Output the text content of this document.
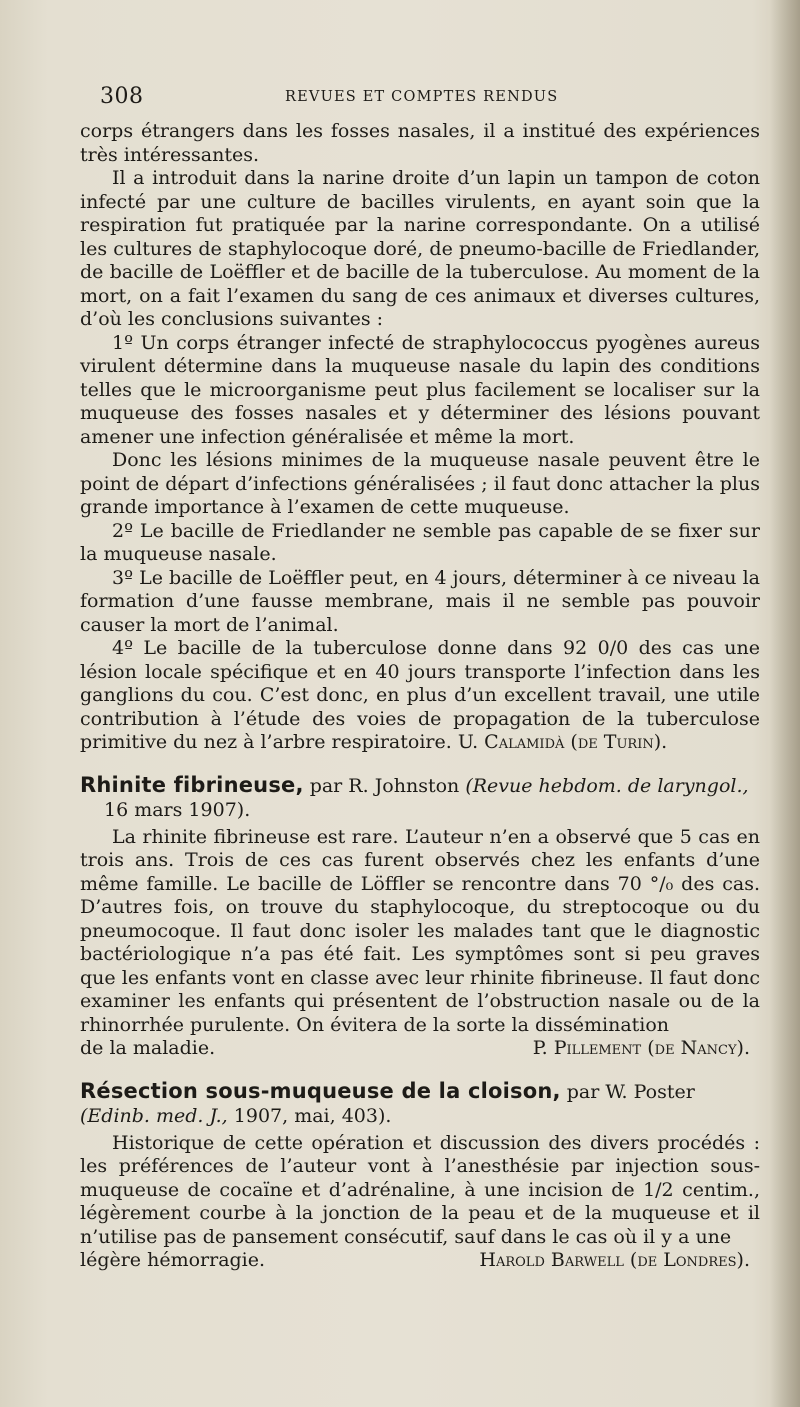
308	REVUES ET COMPTES RENDUS

corps étrangers dans les fosses nasales, il a institué des expériences très intéressantes.

Il a introduit dans la narine droite d’un lapin un tampon de coton infecté par une culture de bacilles virulents, en ayant soin que la respiration fut pratiquée par la narine correspondante. On a utilisé les cultures de staphylocoque doré, de pneumo-bacille de Friedlander, de bacille de Loëffler et de bacille de la tuberculose. Au moment de la mort, on a fait l’examen du sang de ces animaux et diverses cultures, d’où les conclusions suivantes :

1º Un corps étranger infecté de straphylococcus pyogènes aureus virulent détermine dans la muqueuse nasale du lapin des conditions telles que le microorganisme peut plus facilement se localiser sur la muqueuse des fosses nasales et y déterminer des lésions pouvant amener une infection généralisée et même la mort.

Donc les lésions minimes de la muqueuse nasale peuvent être le point de départ d’infections généralisées ; il faut donc attacher la plus grande importance à l’examen de cette muqueuse.

2º Le bacille de Friedlander ne semble pas capable de se fixer sur la muqueuse nasale.

3º Le bacille de Loëffler peut, en 4 jours, déterminer à ce niveau la formation d’une fausse membrane, mais il ne semble pas pouvoir causer la mort de l’animal.

4º Le bacille de la tuberculose donne dans 92 0/0 des cas une lésion locale spécifique et en 40 jours transporte l’infection dans les ganglions du cou. C’est donc, en plus d’un excellent travail, une utile contribution à l’étude des voies de propagation de la tuberculose primitive du nez à l’arbre respiratoire. U. Calamidà (de Turin).

Rhinite fibrineuse, par R. Johnston (Revue hebdom. de laryngol.,
16 mars 1907).

La rhinite fibrineuse est rare. L’auteur n’en a observé que 5 cas en trois ans. Trois de ces cas furent observés chez les enfants d’une même famille. Le bacille de Löffler se rencontre dans 70 °/₀ des cas. D’autres fois, on trouve du staphylocoque, du streptocoque ou du pneumocoque. Il faut donc isoler les malades tant que le diagnostic bactériologique n’a pas été fait. Les symptômes sont si peu graves que les enfants vont en classe avec leur rhinite fibrineuse. Il faut donc examiner les enfants qui présentent de l’obstruction nasale ou de la rhinorrhée purulente. On évitera de la sorte la dissémination

de la maladie.	P. Pillement (de Nancy).
Résection sous-muqueuse de la cloison, par W. Poster
(Edinb. med. J., 1907, mai, 403).

Historique de cette opération et discussion des divers procédés : les préférences de l’auteur vont à l’anesthésie par injection sous-muqueuse de cocaïne et d’adrénaline, à une incision de 1/2 centim., légèrement courbe à la jonction de la peau et de la muqueuse et il n’utilise pas de pansement consécutif, sauf dans le cas où il y a une

légère hémorragie.	Harold Barwell (de Londres).
